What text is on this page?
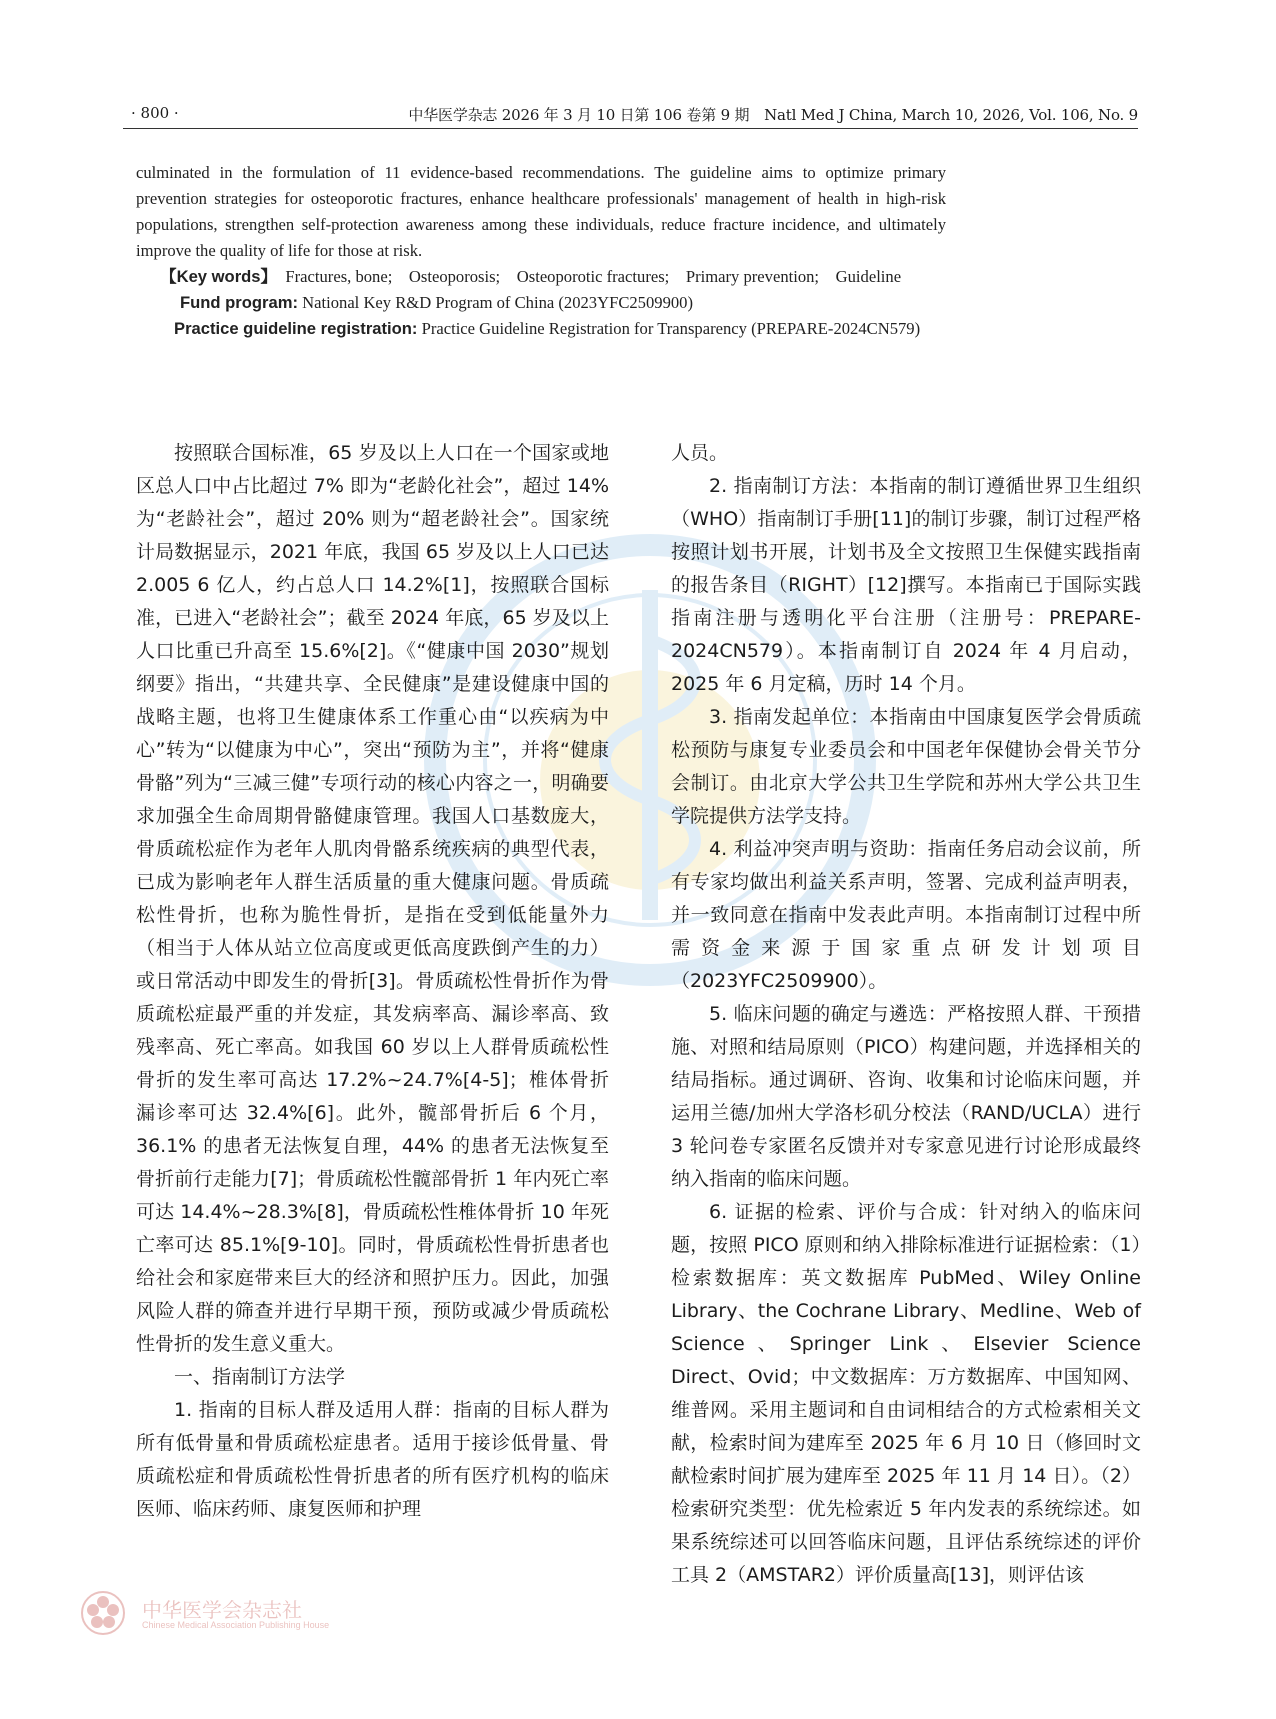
· 800 ·	中华医学杂志 2026 年 3 月 10 日第 106 卷第 9 期　Natl Med J China, March 10, 2026, Vol. 106, No. 9

culminated in the formulation of 11 evidence-based recommendations. The guideline aims to optimize primary prevention strategies for osteoporotic fractures, enhance healthcare professionals' management of health in high-risk populations, strengthen self-protection awareness among these individuals, reduce fracture incidence, and ultimately improve the quality of life for those at risk.

【Key words】　 Fractures, bone;　Osteoporosis;　Osteoporotic fractures;　Primary prevention;　Guideline

Fund program: National Key R&D Program of China (2023YFC2509900)

Practice guideline registration: Practice Guideline Registration for Transparency (PREPARE-2024CN579)

按照联合国标准，65 岁及以上人口在一个国家或地区总人口中占比超过 7% 即为“老龄化社会”，超过 14% 为“老龄社会”，超过 20% 则为“超老龄社会”。国家统计局数据显示，2021 年底，我国 65 岁及以上人口已达 2.005 6 亿人，约占总人口 14.2%[1]，按照联合国标准，已进入“老龄社会”；截至 2024 年底，65 岁及以上人口比重已升高至 15.6%[2]。《“健康中国 2030”规划纲要》指出，“共建共享、全民健康”是建设健康中国的战略主题，也将卫生健康体系工作重心由“以疾病为中心”转为“以健康为中心”，突出“预防为主”，并将“健康骨骼”列为“三减三健”专项行动的核心内容之一，明确要求加强全生命周期骨骼健康管理。我国人口基数庞大，骨质疏松症作为老年人肌肉骨骼系统疾病的典型代表，已成为影响老年人群生活质量的重大健康问题。骨质疏松性骨折，也称为脆性骨折，是指在受到低能量外力（相当于人体从站立位高度或更低高度跌倒产生的力）或日常活动中即发生的骨折[3]。骨质疏松性骨折作为骨质疏松症最严重的并发症，其发病率高、漏诊率高、致残率高、死亡率高。如我国 60 岁以上人群骨质疏松性骨折的发生率可高达 17.2%~24.7%[4-5]；椎体骨折漏诊率可达 32.4%[6]。此外，髋部骨折后 6 个月，36.1% 的患者无法恢复自理，44% 的患者无法恢复至骨折前行走能力[7]；骨质疏松性髋部骨折 1 年内死亡率可达 14.4%~28.3%[8]，骨质疏松性椎体骨折 10 年死亡率可达 85.1%[9-10]。同时，骨质疏松性骨折患者也给社会和家庭带来巨大的经济和照护压力。因此，加强风险人群的筛查并进行早期干预，预防或减少骨质疏松性骨折的发生意义重大。

一、指南制订方法学

1. 指南的目标人群及适用人群：指南的目标人群为所有低骨量和骨质疏松症患者。适用于接诊低骨量、骨质疏松症和骨质疏松性骨折患者的所有医疗机构的临床医师、临床药师、康复医师和护理

人员。

2. 指南制订方法：本指南的制订遵循世界卫生组织（WHO）指南制订手册[11]的制订步骤，制订过程严格按照计划书开展，计划书及全文按照卫生保健实践指南的报告条目（RIGHT）[12]撰写。本指南已于国际实践指南注册与透明化平台注册（注册号：PREPARE-2024CN579）。本指南制订自 2024 年 4 月启动，2025 年 6 月定稿，历时 14 个月。

3. 指南发起单位：本指南由中国康复医学会骨质疏松预防与康复专业委员会和中国老年保健协会骨关节分会制订。由北京大学公共卫生学院和苏州大学公共卫生学院提供方法学支持。

4. 利益冲突声明与资助：指南任务启动会议前，所有专家均做出利益关系声明，签署、完成利益声明表，并一致同意在指南中发表此声明。本指南制订过程中所需资金来源于国家重点研发计划项目（2023YFC2509900）。

5. 临床问题的确定与遴选：严格按照人群、干预措施、对照和结局原则（PICO）构建问题，并选择相关的结局指标。通过调研、咨询、收集和讨论临床问题，并运用兰德/加州大学洛杉矶分校法（RAND/UCLA）进行 3 轮问卷专家匿名反馈并对专家意见进行讨论形成最终纳入指南的临床问题。

6. 证据的检索、评价与合成：针对纳入的临床问题，按照 PICO 原则和纳入排除标准进行证据检索：（1）检索数据库：英文数据库 PubMed、Wiley Online Library、the Cochrane Library、Medline、Web of Science、Springer Link、Elsevier Science Direct、Ovid；中文数据库：万方数据库、中国知网、维普网。采用主题词和自由词相结合的方式检索相关文献，检索时间为建库至 2025 年 6 月 10 日（修回时文献检索时间扩展为建库至 2025 年 11 月 14 日）。（2）检索研究类型：优先检索近 5 年内发表的系统综述。如果系统综述可以回答临床问题，且评估系统综述的评价工具 2（AMSTAR2）评价质量高[13]，则评估该

中华医学会杂志社
Chinese Medical Association Publishing House
